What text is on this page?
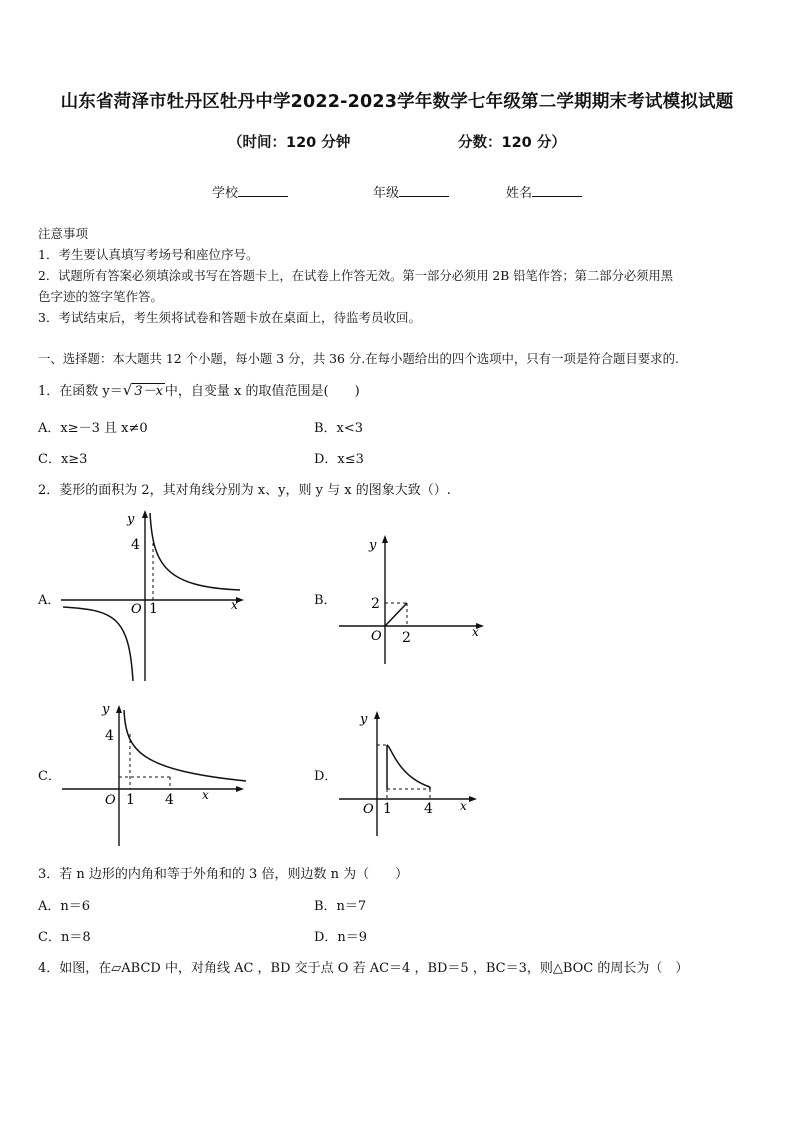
山东省菏泽市牡丹区牡丹中学2022-2023学年数学七年级第二学期期末考试模拟试题
（时间：120 分钟	分数：120 分）
学校	年级	姓名
注意事项
1．考生要认真填写考场号和座位序号。
2．试题所有答案必须填涂或书写在答题卡上，在试卷上作答无效。第一部分必须用 2B 铅笔作答；第二部分必须用黑
色字迹的签字笔作答。
3．考试结束后，考生须将试卷和答题卡放在桌面上，待监考员收回。
一、选择题：本大题共 12 个小题，每小题 3 分，共 36 分.在每小题给出的四个选项中，只有一项是符合题目要求的.
1．在函数 y＝√ 3－x 中，自变量 x 的取值范围是(　　)
A．x≥－3 且 x≠0	B．x<3
C．x≥3	D．x≤3
2．菱形的面积为 2，其对角线分别为 x、y，则 y 与 x 的图象大致（）.
A．	B．
C．	D．
y
x
O
4
1
y
x
O
2
2
y
x
O
4
1 4
y
x
O 1 4
3．若 n 边形的内角和等于外角和的 3 倍，则边数 n 为（　　）
A．n＝6	B．n＝7
C．n＝8	D．n＝9
4．如图，在▱ABCD 中，对角线 AC ，BD 交于点 O 若 AC＝4 ，BD＝5 ，BC＝3，则△BOC 的周长为（　）
